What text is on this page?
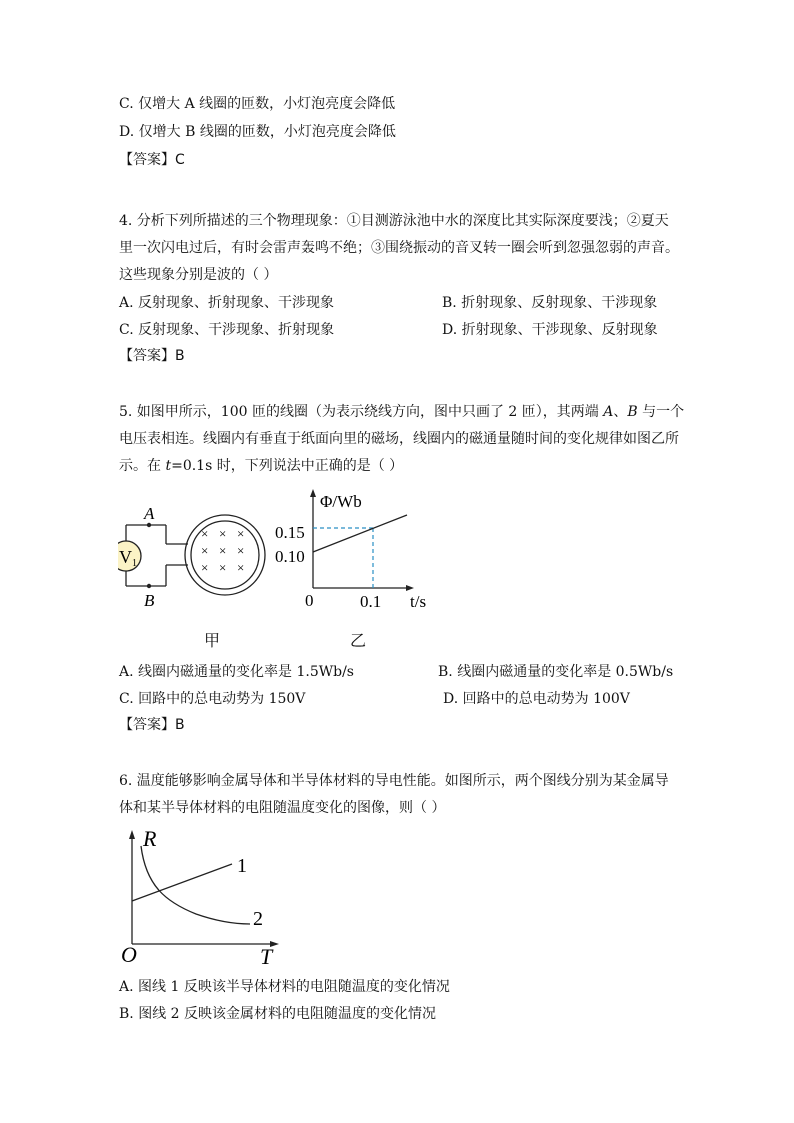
C. 仅增大 A 线圈的匝数，小灯泡亮度会降低
D. 仅增大 B 线圈的匝数，小灯泡亮度会降低
【答案】C
4. 分析下列所描述的三个物理现象：①目测游泳池中水的深度比其实际深度要浅；②夏天
里一次闪电过后，有时会雷声轰鸣不绝；③围绕振动的音叉转一圈会听到忽强忽弱的声音。
这些现象分别是波的（ ）
A. 反射现象、折射现象、干涉现象	B. 折射现象、反射现象、干涉现象
C. 反射现象、干涉现象、折射现象	D. 折射现象、干涉现象、反射现象
【答案】B
5. 如图甲所示，100 匝的线圈（为表示绕线方向，图中只画了 2 匝），其两端 A、B 与一个
电压表相连。线圈内有垂直于纸面向里的磁场，线圈内的磁通量随时间的变化规律如图乙所
示。在 t=0.1s 时，下列说法中正确的是（ ）
V 1
× × ×
× × ×
× × ×
A
B
甲
Φ/Wb
0.15
0.10
0	0.1 t/s
乙
A. 线圈内磁通量的变化率是 1.5Wb/s	B. 线圈内磁通量的变化率是 0.5Wb/s
C. 回路中的总电动势为 150V	D. 回路中的总电动势为 100V
【答案】B
6. 温度能够影响金属导体和半导体材料的导电性能。如图所示，两个图线分别为某金属导
体和某半导体材料的电阻随温度变化的图像，则（ ）
R
1
2
O	T
A. 图线 1 反映该半导体材料的电阻随温度的变化情况
B. 图线 2 反映该金属材料的电阻随温度的变化情况
